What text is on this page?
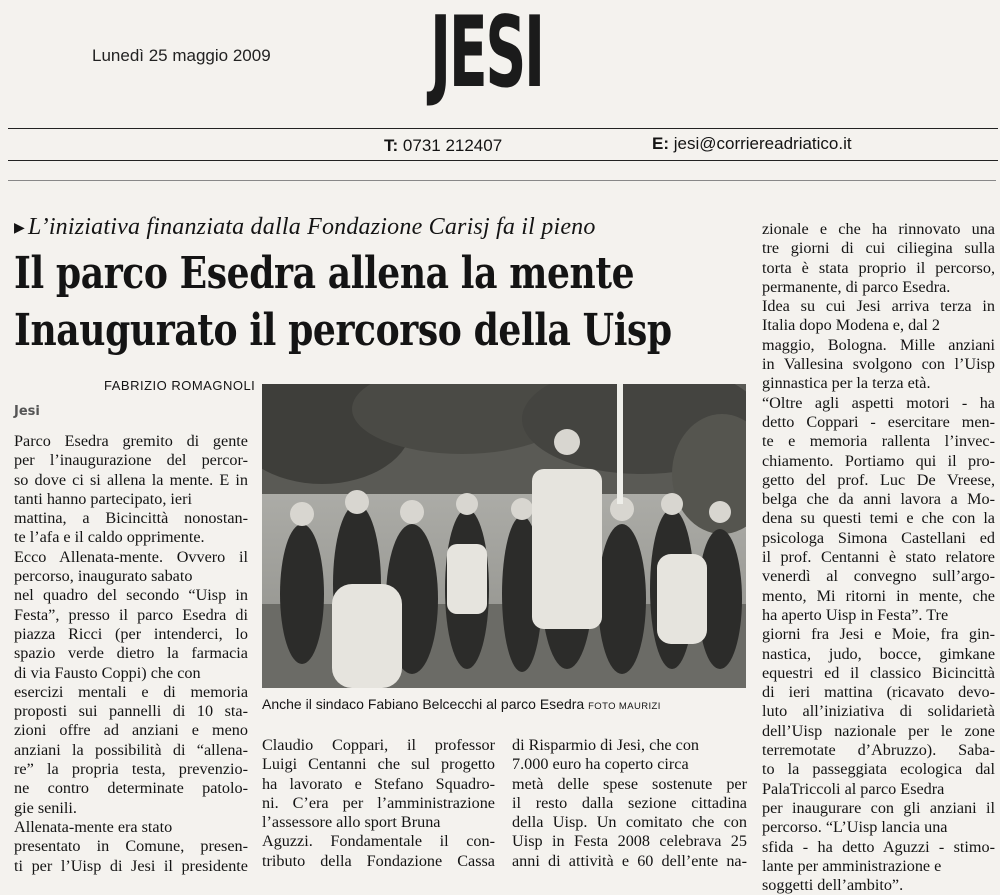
Lunedì 25 maggio 2009 JESI
T: 0731 212407	E: jesi@corriereadriatico.it
▶ L’iniziativa finanziata dalla Fondazione Carisj fa il pieno
Il parco Esedra allena la mente
Inaugurato il percorso della Uisp
FABRIZIO ROMAGNOLI
Jesi
Parco Esedra gremito di gente
per l’inaugurazione del percor-
so dove ci si allena la mente. E in
tanti hanno partecipato, ieri
mattina, a Bicincittà nonostan-
te l’afa e il caldo opprimente.
Ecco Allenata-mente. Ovvero il
percorso, inaugurato sabato
nel quadro del secondo “Uisp in
Festa”, presso il parco Esedra di
piazza Ricci (per intenderci, lo
spazio verde dietro la farmacia
di via Fausto Coppi) che con
esercizi mentali e di memoria
proposti sui pannelli di 10 sta-
zioni offre ad anziani e meno
anziani la possibilità di “allena-
re” la propria testa, prevenzio-
ne contro determinate patolo-
gie senili.
Allenata-mente era stato
presentato in Comune, presen-
ti per l’Uisp di Jesi il presidente
Claudio Coppari, il professor
Luigi Centanni che sul progetto
ha lavorato e Stefano Squadro-
ni. C’era per l’amministrazione
l’assessore allo sport Bruna
Aguzzi. Fondamentale il con-
tributo della Fondazione Cassa
di Risparmio di Jesi, che con
7.000 euro ha coperto circa
metà delle spese sostenute per
il resto dalla sezione cittadina
della Uisp. Un comitato che con
Uisp in Festa 2008 celebrava 25
anni di attività e 60 dell’ente na-
zionale e che ha rinnovato una
tre giorni di cui ciliegina sulla
torta è stata proprio il percorso,
permanente, di parco Esedra.
Idea su cui Jesi arriva terza in
Italia dopo Modena e, dal 2
maggio, Bologna. Mille anziani
in Vallesina svolgono con l’Uisp
ginnastica per la terza età.
“Oltre agli aspetti motori - ha
detto Coppari - esercitare men-
te e memoria rallenta l’invec-
chiamento. Portiamo qui il pro-
getto del prof. Luc De Vreese,
belga che da anni lavora a Mo-
dena su questi temi e che con la
psicologa Simona Castellani ed
il prof. Centanni è stato relatore
venerdì al convegno sull’argo-
mento, Mi ritorni in mente, che
ha aperto Uisp in Festa”. Tre
giorni fra Jesi e Moie, fra gin-
nastica, judo, bocce, gimkane
equestri ed il classico Bicincittà
di ieri mattina (ricavato devo-
luto all’iniziativa di solidarietà
dell’Uisp nazionale per le zone
terremotate d’Abruzzo). Saba-
to la passeggiata ecologica dal
PalaTriccoli al parco Esedra
per inaugurare con gli anziani il
percorso. “L’Uisp lancia una
sfida - ha detto Aguzzi - stimo-
lante per amministrazione e
soggetti dell’ambito”.
Anche il sindaco Fabiano Belcecchi al parco Esedra FOTO MAURIZI
